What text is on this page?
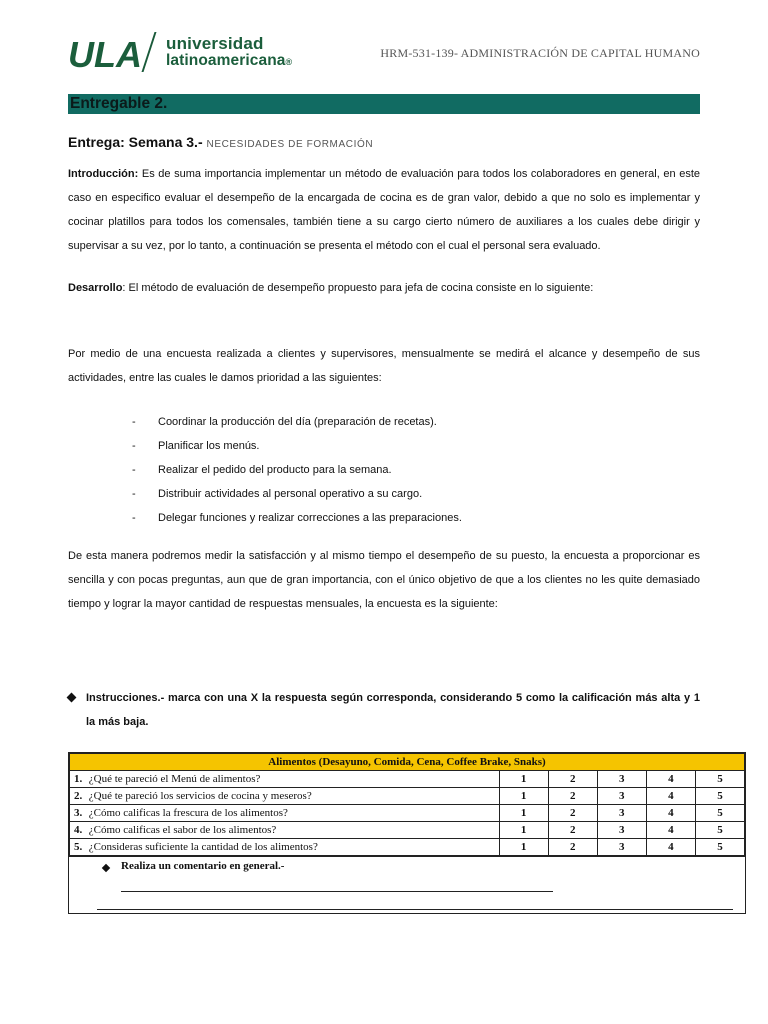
ULA universidad
latinoamericana®
HRM-531-139- ADMINISTRACIÓN DE CAPITAL HUMANO
Entregable 2.
Entrega: Semana 3.- NECESIDADES DE FORMACIÓN
Introducción: Es de suma importancia implementar un método de evaluación para todos los colaboradores en general, en este caso en especifico evaluar el desempeño de la encargada de cocina es de gran valor, debido a que no solo es implementar y cocinar platillos para todos los comensales, también tiene a su cargo cierto número de auxiliares a los cuales debe dirigir y supervisar a su vez, por lo tanto, a continuación se presenta el método con el cual el personal sera evaluado.
Desarrollo: El método de evaluación de desempeño propuesto para jefa de cocina consiste en lo siguiente:
Por medio de una encuesta realizada a clientes y supervisores, mensualmente se medirá el alcance y desempeño de sus actividades, entre las cuales le damos prioridad a las siguientes:
-	Coordinar la producción del día (preparación de recetas).
-	Planificar los menús.
-	Realizar el pedido del producto para la semana.
-	Distribuir actividades al personal operativo a su cargo.
-	Delegar funciones y realizar correcciones a las preparaciones.
De esta manera podremos medir la satisfacción y al mismo tiempo el desempeño de su puesto, la encuesta a proporcionar es sencilla y con pocas preguntas, aun que de gran importancia, con el único objetivo de que a los clientes no les quite demasiado tiempo y lograr la mayor cantidad de respuestas mensuales, la encuesta es la siguiente:
Instrucciones.- marca con una X la respuesta según corresponda, considerando 5 como la calificación más alta y 1 la más baja.
Alimentos (Desayuno, Comida, Cena, Coffee Brake, Snaks)					
1. ¿Qué te pareció el Menú de alimentos?	1	2	3	4	5
2. ¿Qué te pareció los servicios de cocina y meseros?	1	2	3	4	5
3. ¿Cómo calificas la frescura de los alimentos?	1	2	3	4	5
4. ¿Cómo calificas el sabor de los alimentos?	1	2	3	4	5
5. ¿Consideras suficiente la cantidad de los alimentos?	1	2	3	4	5
Realiza un comentario en general.-
